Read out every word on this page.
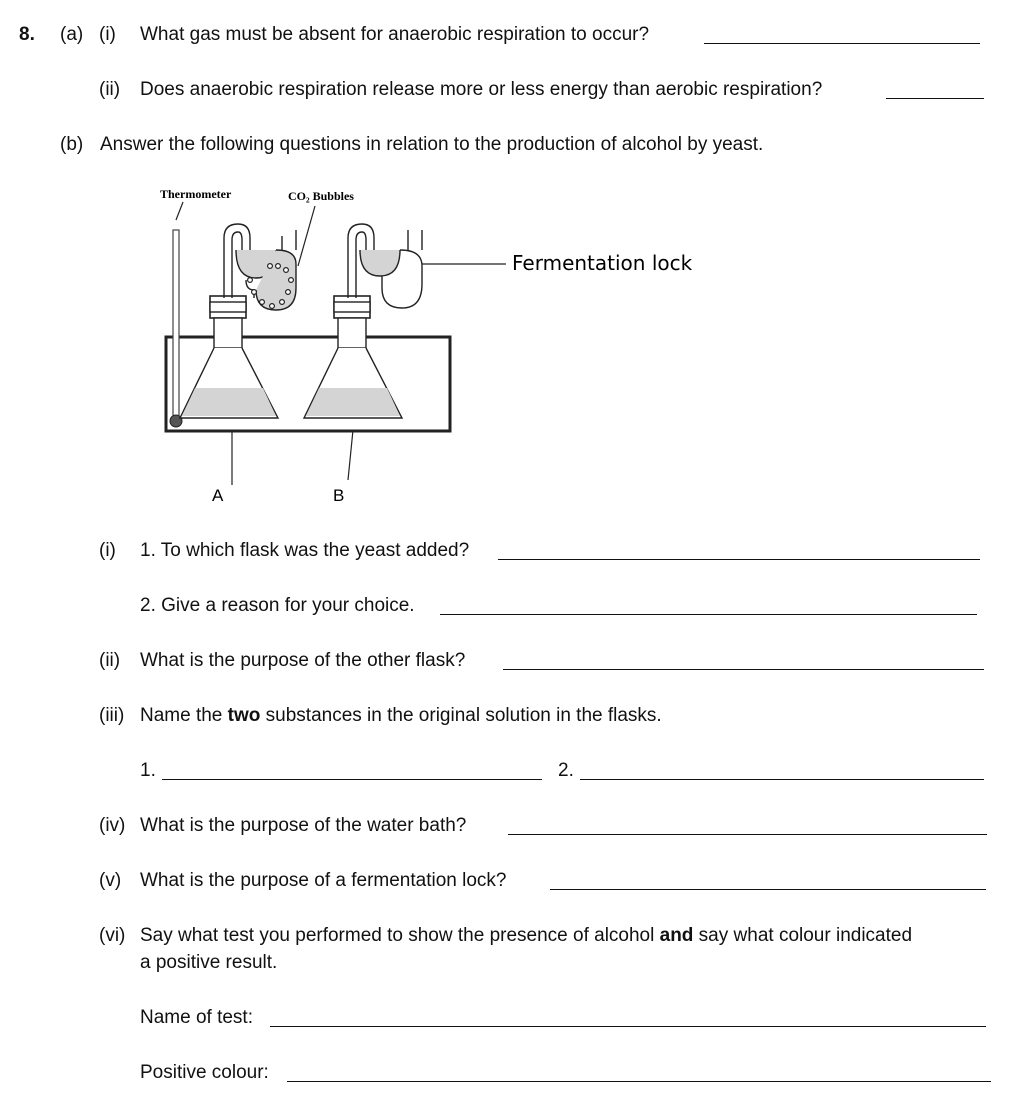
8. (a) (i) What gas must be absent for anaerobic respiration to occur?
(ii) Does anaerobic respiration release more or less energy than aerobic respiration?
(b) Answer the following questions in relation to the production of alcohol by yeast.
Thermometer	CO₂ Bubbles
Fermentation lock
A	B
(i) 1. To which flask was the yeast added?
2. Give a reason for your choice.
(ii) What is the purpose of the other flask?
(iii) Name the two substances in the original solution in the flasks.
1.	2.
(iv) What is the purpose of the water bath?
(v) What is the purpose of a fermentation lock?
(vi) Say what test you performed to show the presence of alcohol and say what colour indicated
a positive result.
Name of test:
Positive colour:
